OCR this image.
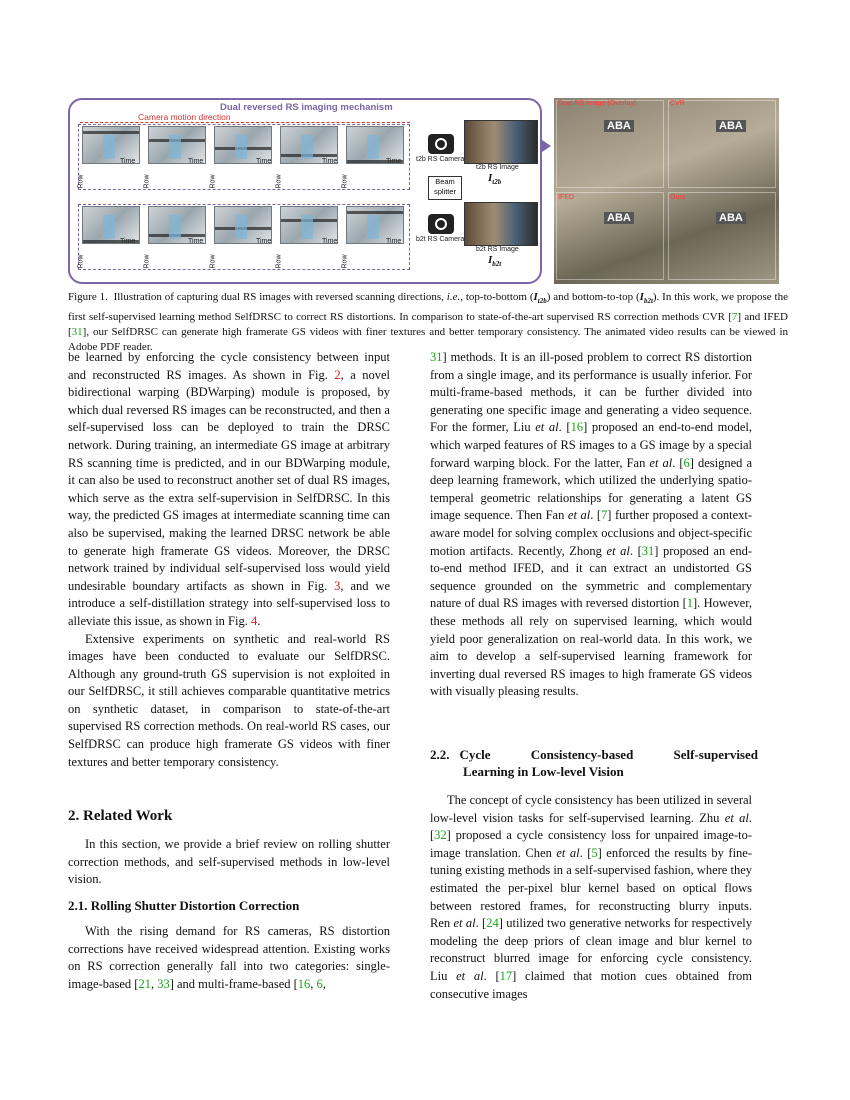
Dual reversed RS imaging mechanism
Camera motion direction
Time	Time	Time	Time	Time
Time	Time	Time	Time	Time
Row	Row	Row	Row	Row
Row	Row	Row	Row	Row
t2b RS Camera
b2t RS Camera
Beam
splitter
t2b RS Image
$I_{t2b}$
b2t RS Image
$I_{b2t}$
Dual RS Image (Overlay)	CVR
IFED	Ours
ABA	ABA
ABA	ABA
Figure 1. Illustration of capturing dual RS images with reversed scanning directions, i.e., top-to-bottom $(I_{t2b})$ and bottom-to-top $(I_{b2t})$. In this work, we propose the first self-supervised learning method SelfDRSC to correct RS distortions. In comparison to state-of-the-art supervised RS correction methods CVR [7] and IFED [31], our SelfDRSC can generate high framerate GS videos with finer textures and better temporary consistency. The animated video results can be viewed in Adobe PDF reader.

be learned by enforcing the cycle consistency between input and reconstructed RS images. As shown in Fig. 2, a novel bidirectional warping (BDWarping) module is proposed, by which dual reversed RS images can be reconstructed, and then a self-supervised loss can be deployed to train the DRSC network. During training, an intermediate GS image at arbitrary RS scanning time is predicted, and in our BDWarping module, it can also be used to reconstruct another set of dual RS images, which serve as the extra self-supervision in SelfDRSC. In this way, the predicted GS images at intermediate scanning time can also be supervised, making the learned DRSC network be able to generate high framerate GS videos. Moreover, the DRSC network trained by individual self-supervised loss would yield undesirable boundary artifacts as shown in Fig. 3, and we introduce a self-distillation strategy into self-supervised loss to alleviate this issue, as shown in Fig. 4.

Extensive experiments on synthetic and real-world RS images have been conducted to evaluate our SelfDRSC. Although any ground-truth GS supervision is not exploited in our SelfDRSC, it still achieves comparable quantitative metrics on synthetic dataset, in comparison to state-of-the-art supervised RS correction methods. On real-world RS cases, our SelfDRSC can produce high framerate GS videos with finer textures and better temporary consistency.

2. Related Work

In this section, we provide a brief review on rolling shutter correction methods, and self-supervised methods in low-level vision.

2.1. Rolling Shutter Distortion Correction

With the rising demand for RS cameras, RS distortion corrections have received widespread attention. Existing works on RS correction generally fall into two categories: single-image-based [21, 33] and multi-frame-based [16, 6,

31] methods. It is an ill-posed problem to correct RS distortion from a single image, and its performance is usually inferior. For multi-frame-based methods, it can be further divided into generating one specific image and generating a video sequence. For the former, Liu et al. [16] proposed an end-to-end model, which warped features of RS images to a GS image by a special forward warping block. For the latter, Fan et al. [6] designed a deep learning framework, which utilized the underlying spatio-temperal geometric relationships for generating a latent GS image sequence. Then Fan et al. [7] further proposed a context-aware model for solving complex occlusions and object-specific motion artifacts. Recently, Zhong et al. [31] proposed an end-to-end method IFED, and it can extract an undistorted GS sequence grounded on the symmetric and complementary nature of dual RS images with reversed distortion [1]. However, these methods all rely on supervised learning, which would yield poor generalization on real-world data. In this work, we aim to develop a self-supervised learning framework for inverting dual reversed RS images to high framerate GS videos with visually pleasing results.

2.2. Cycle Consistency-based Self-supervised
Learning in Low-level Vision

The concept of cycle consistency has been utilized in several low-level vision tasks for self-supervised learning. Zhu et al. [32] proposed a cycle consistency loss for unpaired image-to-image translation. Chen et al. [5] enforced the results by fine-tuning existing methods in a self-supervised fashion, where they estimated the per-pixel blur kernel based on optical flows between restored frames, for reconstructing blurry inputs. Ren et al. [24] utilized two generative networks for respectively modeling the deep priors of clean image and blur kernel to reconstruct blurred image for enforcing cycle consistency. Liu et al. [17] claimed that motion cues obtained from consecutive images
